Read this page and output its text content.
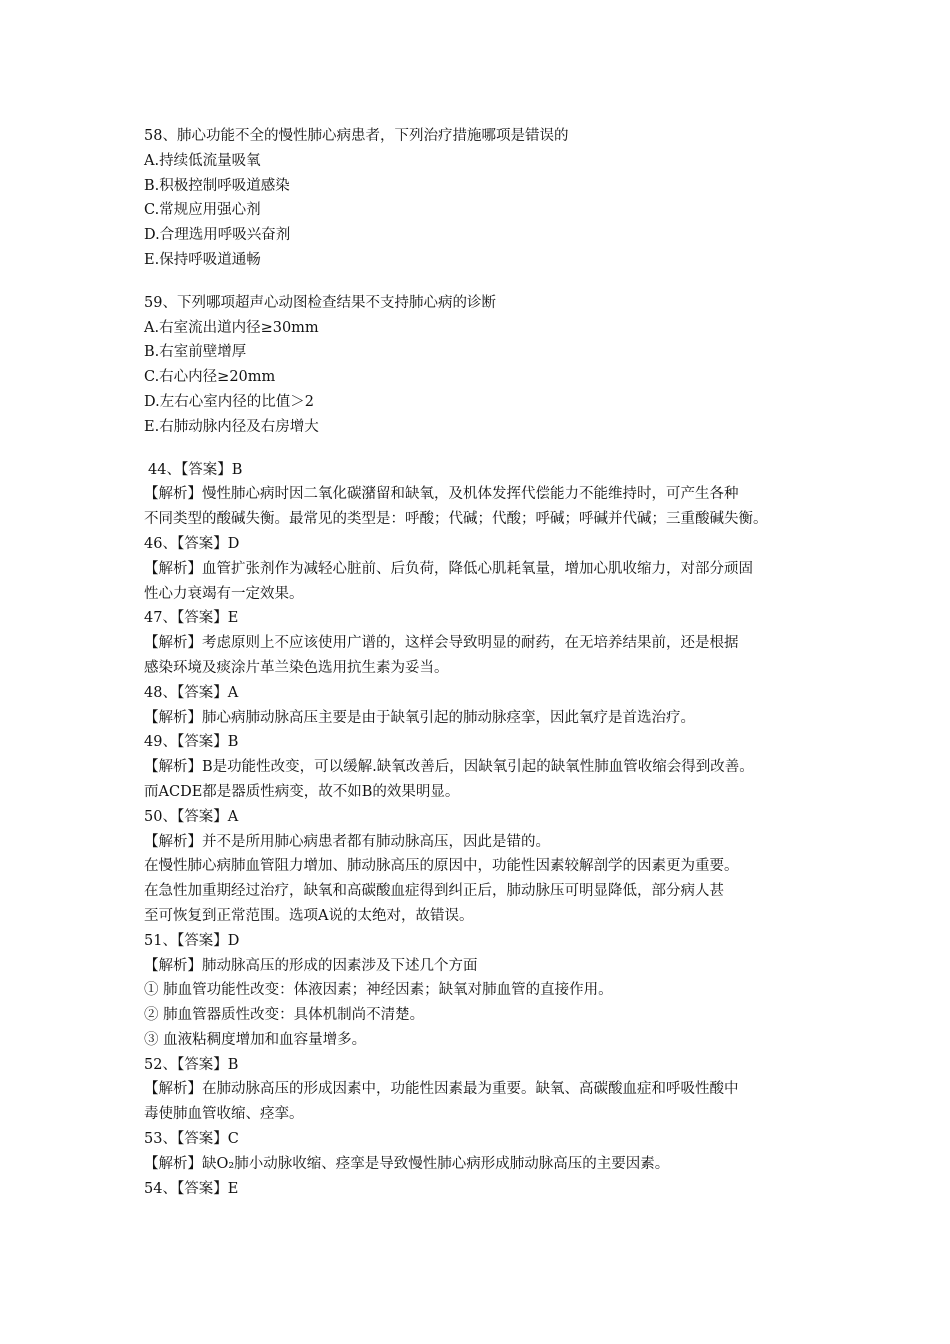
58、肺心功能不全的慢性肺心病患者，下列治疗措施哪项是错误的

A.持续低流量吸氧

B.积极控制呼吸道感染

C.常规应用强心剂

D.合理选用呼吸兴奋剂

E.保持呼吸道通畅

59、下列哪项超声心动图检查结果不支持肺心病的诊断

A.右室流出道内径≥30mm

B.右室前壁增厚

C.右心内径≥20mm

D.左右心室内径的比值＞2

E.右肺动脉内径及右房增大

44、【答案】B

【解析】慢性肺心病时因二氧化碳潴留和缺氧，及机体发挥代偿能力不能维持时，可产生各种

不同类型的酸碱失衡。最常见的类型是：呼酸；代碱；代酸；呼碱；呼碱并代碱；三重酸碱失衡。

46、【答案】D

【解析】血管扩张剂作为减轻心脏前、后负荷，降低心肌耗氧量，增加心肌收缩力，对部分顽固

性心力衰竭有一定效果。

47、【答案】E

【解析】考虑原则上不应该使用广谱的，这样会导致明显的耐药，在无培养结果前，还是根据

感染环境及痰涂片革兰染色选用抗生素为妥当。

48、【答案】A

【解析】肺心病肺动脉高压主要是由于缺氧引起的肺动脉痉挛，因此氧疗是首选治疗。

49、【答案】B

【解析】B是功能性改变，可以缓解.缺氧改善后，因缺氧引起的缺氧性肺血管收缩会得到改善。

而ACDE都是器质性病变，故不如B的效果明显。

50、【答案】A

【解析】并不是所用肺心病患者都有肺动脉高压，因此是错的。

在慢性肺心病肺血管阻力增加、肺动脉高压的原因中，功能性因素较解剖学的因素更为重要。

在急性加重期经过治疗，缺氧和高碳酸血症得到纠正后，肺动脉压可明显降低，部分病人甚

至可恢复到正常范围。选项A说的太绝对，故错误。

51、【答案】D

【解析】肺动脉高压的形成的因素涉及下述几个方面

① 肺血管功能性改变：体液因素；神经因素；缺氧对肺血管的直接作用。

② 肺血管器质性改变：具体机制尚不清楚。

③ 血液粘稠度增加和血容量增多。

52、【答案】B

【解析】在肺动脉高压的形成因素中，功能性因素最为重要。缺氧、高碳酸血症和呼吸性酸中

毒使肺血管收缩、痉挛。

53、【答案】C

【解析】缺O₂肺小动脉收缩、痉挛是导致慢性肺心病形成肺动脉高压的主要因素。

54、【答案】E
